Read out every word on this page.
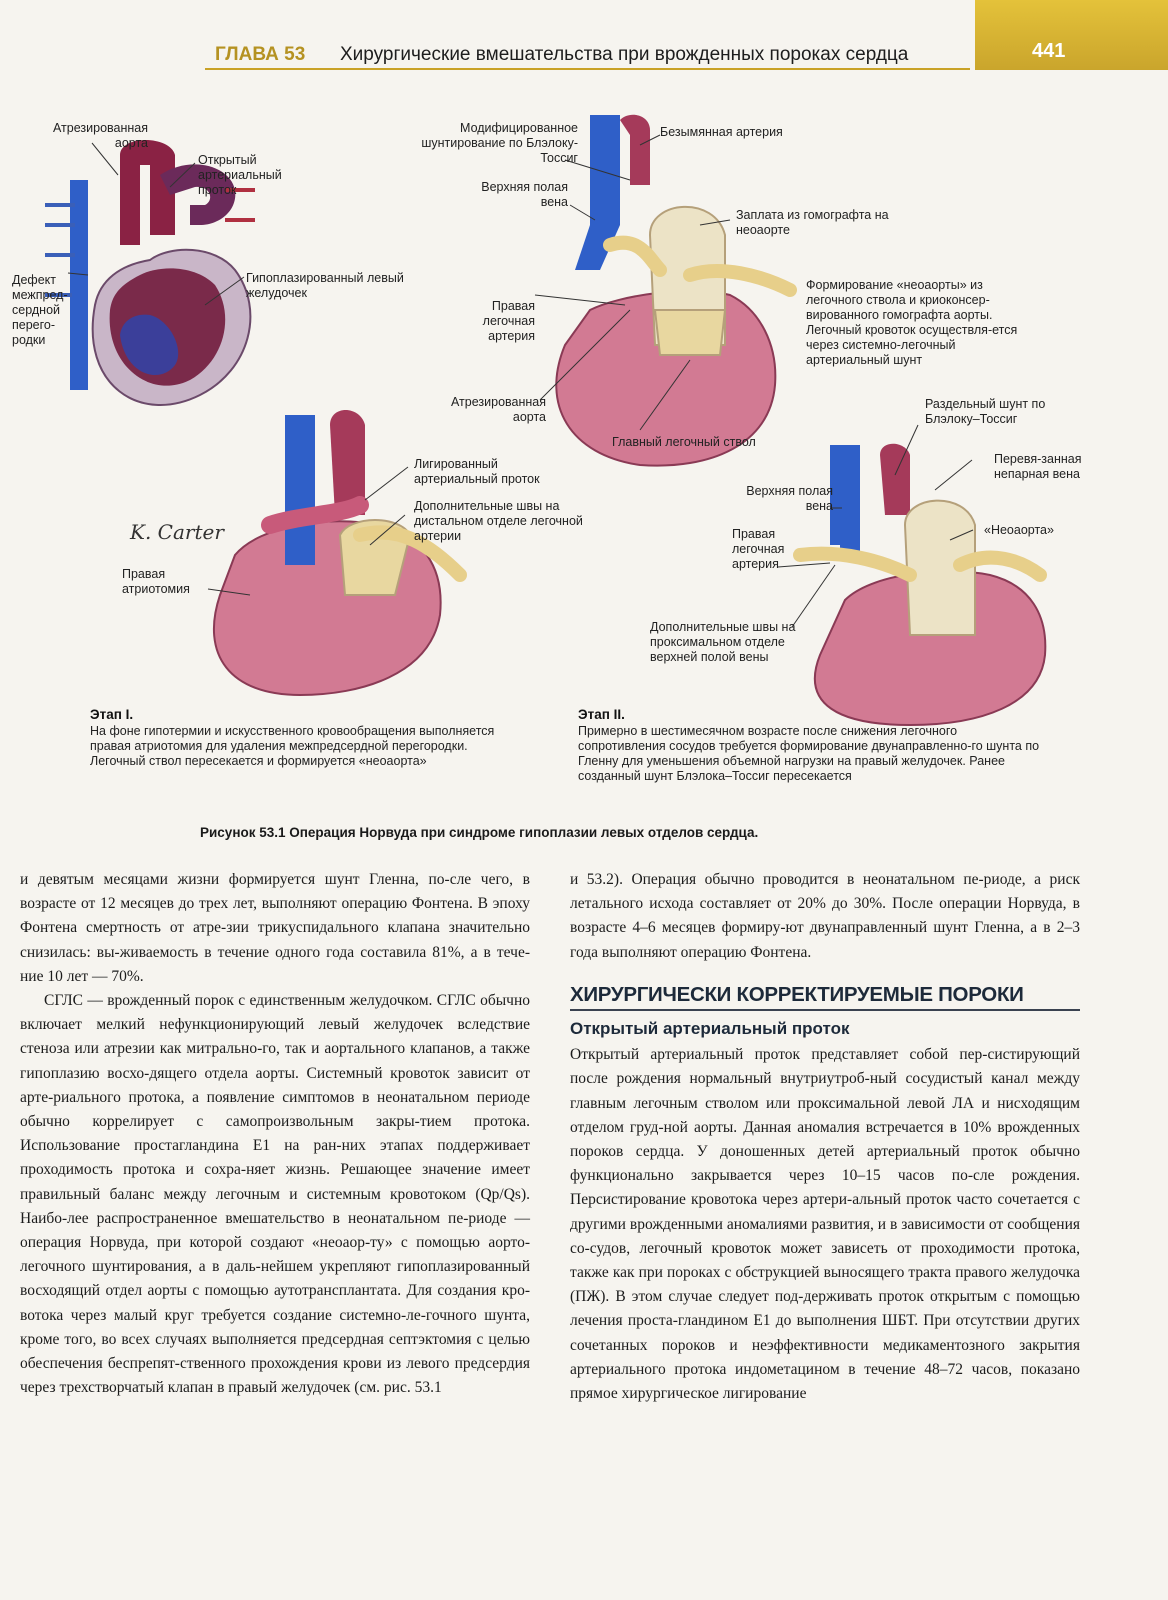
ГЛАВА 53 Хирургические вмешательства при врожденных пороках сердца	441
K. Carter
Атрезированная аорта
Открытый артериальный проток
Гипоплазированный левый желудочек
Дефект межпред-сердной перего-родки
Модифицированное шунтирование по Блэлоку-Тоссиг
Безымянная артерия
Верхняя полая вена
Заплата из гомографта на неоаорте
Формирование «неоаорты» из легочного ствола и криоконсер-вированного гомографта аорты. Легочный кровоток осуществля-ется через системно-легочный артериальный шунт
Правая легочная артерия
Атрезированная аорта
Главный легочный ствол
Лигированный артериальный проток
Дополнительные швы на дистальном отделе легочной артерии
Правая атриотомия
Раздельный шунт по Блэлоку–Тоссиг
Перевя-занная непарная вена
Верхняя полая вена
«Неоаорта»
Правая легочная артерия
Дополнительные швы на проксимальном отделе верхней полой вены
Этап I.
На фоне гипотермии и искусственного кровообращения выполняется правая атриотомия для удаления межпредсердной перегородки. Легочный ствол пересекается и формируется «неоаорта»
Этап II.
Примерно в шестимесячном возрасте после снижения легочного сопротивления сосудов требуется формирование двунаправленно-го шунта по Гленну для уменьшения объемной нагрузки на правый желудочек. Ранее созданный шунт Блэлока–Тоссиг пересекается
Рисунок 53.1 Операция Норвуда при синдроме гипоплазии левых отделов сердца.

и девятым месяцами жизни формируется шунт Гленна, по-сле чего, в возрасте от 12 месяцев до трех лет, выполняют операцию Фонтена. В эпоху Фонтена смертность от атре-зии трикуспидального клапана значительно снизилась: вы-живаемость в течение одного года составила 81%, а в тече-ние 10 лет — 70%.

СГЛС — врожденный порок с единственным желудочком. СГЛС обычно включает мелкий нефункционирующий левый желудочек вследствие стеноза или атрезии как митрально-го, так и аортального клапанов, а также гипоплазию восхо-дящего отдела аорты. Системный кровоток зависит от арте-риального протока, а появление симптомов в неонатальном периоде обычно коррелирует с самопроизвольным закры-тием протока. Использование простагландина E1 на ран-них этапах поддерживает проходимость протока и сохра-няет жизнь. Решающее значение имеет правильный баланс между легочным и системным кровотоком (Qp/Qs). Наибо-лее распространенное вмешательство в неонатальном пе-риоде — операция Норвуда, при которой создают «неоаор-ту» с помощью аорто-легочного шунтирования, а в даль-нейшем укрепляют гипоплазированный восходящий отдел аорты с помощью аутотрансплантата. Для создания кро-вотока через малый круг требуется создание системно-ле-гочного шунта, кроме того, во всех случаях выполняется предсердная септэктомия с целью обеспечения беспрепят-ственного прохождения крови из левого предсердия через трехстворчатый клапан в правый желудочек (см. рис. 53.1

и 53.2). Операция обычно проводится в неонатальном пе-риоде, а риск летального исхода составляет от 20% до 30%. После операции Норвуда, в возрасте 4–6 месяцев формиру-ют двунаправленный шунт Гленна, а в 2–3 года выполняют операцию Фонтена.

ХИРУРГИЧЕСКИ КОРРЕКТИРУЕМЫЕ ПОРОКИ
Открытый артериальный проток

Открытый артериальный проток представляет собой пер-систирующий после рождения нормальный внутриутроб-ный сосудистый канал между главным легочным стволом или проксимальной левой ЛА и нисходящим отделом груд-ной аорты. Данная аномалия встречается в 10% врожденных пороков сердца. У доношенных детей артериальный проток обычно функционально закрывается через 10–15 часов по-сле рождения. Персистирование кровотока через артери-альный проток часто сочетается с другими врожденными аномалиями развития, и в зависимости от сообщения со-судов, легочный кровоток может зависеть от проходимости протока, также как при пороках с обструкцией выносящего тракта правого желудочка (ПЖ). В этом случае следует под-держивать проток открытым с помощью лечения проста-гландином E1 до выполнения ШБТ. При отсутствии других сочетанных пороков и неэффективности медикаментозного закрытия артериального протока индометацином в течение 48–72 часов, показано прямое хирургическое лигирование
